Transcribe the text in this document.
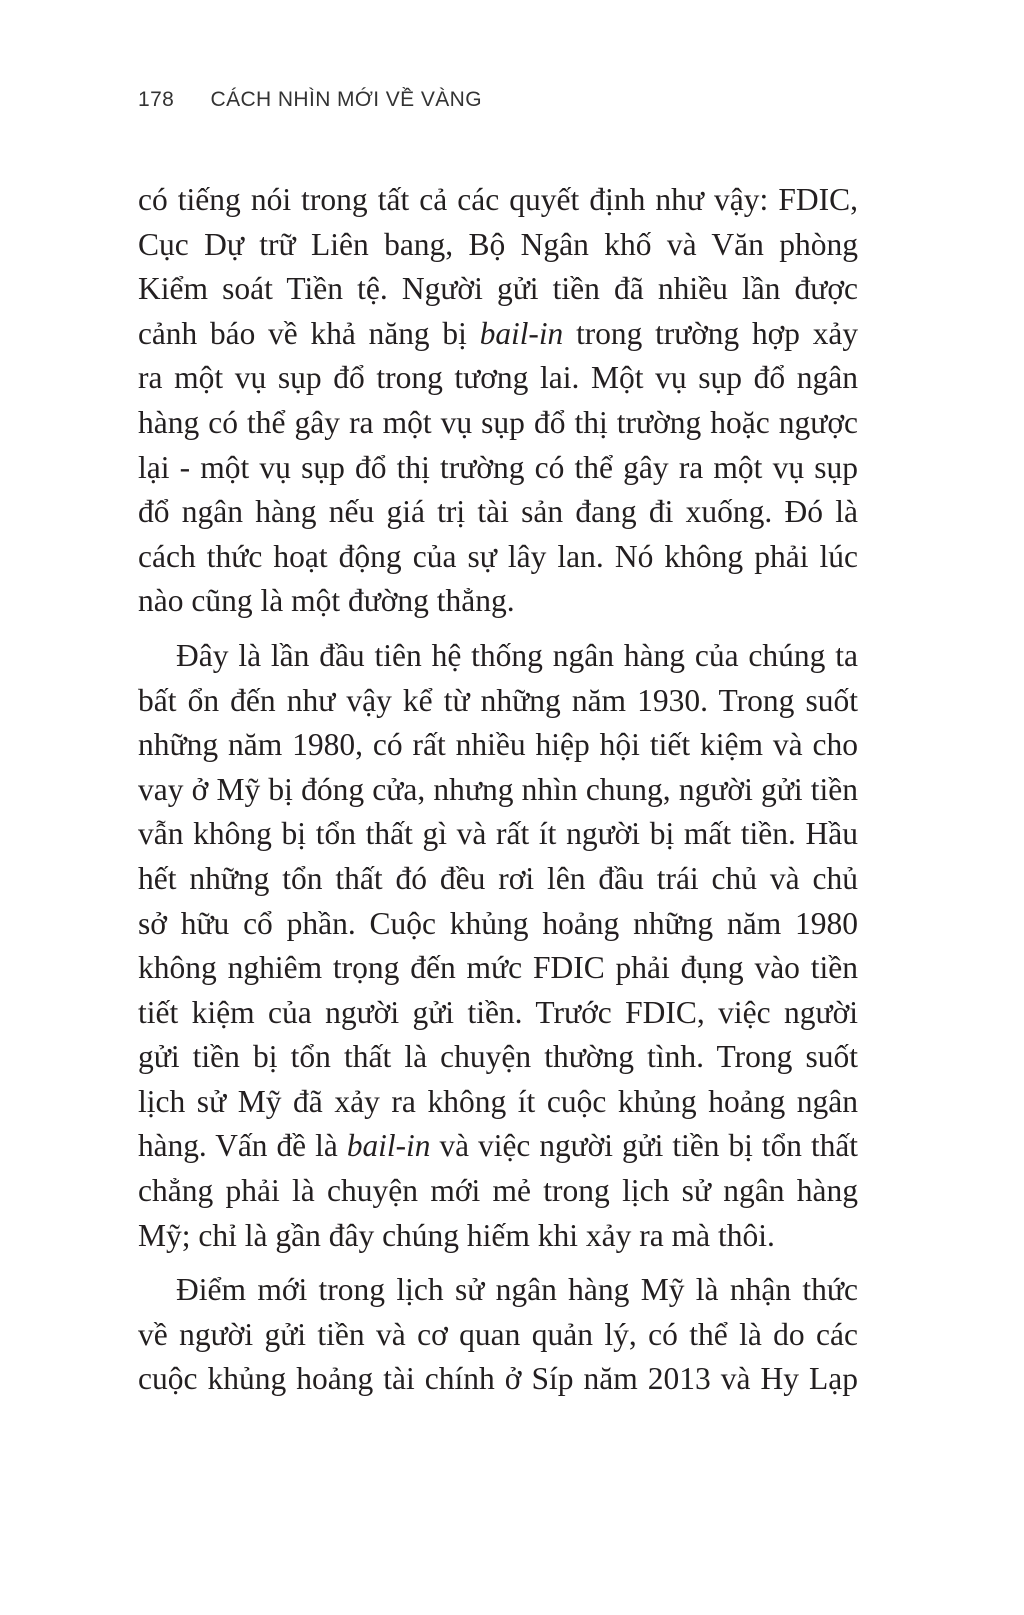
178 CÁCH NHÌN MỚI VỀ VÀNG
có tiếng nói trong tất cả các quyết định như vậy: FDIC,
Cục Dự trữ Liên bang, Bộ Ngân khố và Văn phòng
Kiểm soát Tiền tệ. Người gửi tiền đã nhiều lần được
cảnh báo về khả năng bị bail-in trong trường hợp xảy
ra một vụ sụp đổ trong tương lai. Một vụ sụp đổ ngân
hàng có thể gây ra một vụ sụp đổ thị trường hoặc ngược
lại - một vụ sụp đổ thị trường có thể gây ra một vụ sụp
đổ ngân hàng nếu giá trị tài sản đang đi xuống. Đó là
cách thức hoạt động của sự lây lan. Nó không phải lúc
nào cũng là một đường thẳng.
Đây là lần đầu tiên hệ thống ngân hàng của chúng ta
bất ổn đến như vậy kể từ những năm 1930. Trong suốt
những năm 1980, có rất nhiều hiệp hội tiết kiệm và cho
vay ở Mỹ bị đóng cửa, nhưng nhìn chung, người gửi tiền
vẫn không bị tổn thất gì và rất ít người bị mất tiền. Hầu
hết những tổn thất đó đều rơi lên đầu trái chủ và chủ
sở hữu cổ phần. Cuộc khủng hoảng những năm 1980
không nghiêm trọng đến mức FDIC phải đụng vào tiền
tiết kiệm của người gửi tiền. Trước FDIC, việc người
gửi tiền bị tổn thất là chuyện thường tình. Trong suốt
lịch sử Mỹ đã xảy ra không ít cuộc khủng hoảng ngân
hàng. Vấn đề là bail-in và việc người gửi tiền bị tổn thất
chẳng phải là chuyện mới mẻ trong lịch sử ngân hàng
Mỹ; chỉ là gần đây chúng hiếm khi xảy ra mà thôi.
Điểm mới trong lịch sử ngân hàng Mỹ là nhận thức
về người gửi tiền và cơ quan quản lý, có thể là do các
cuộc khủng hoảng tài chính ở Síp năm 2013 và Hy Lạp
